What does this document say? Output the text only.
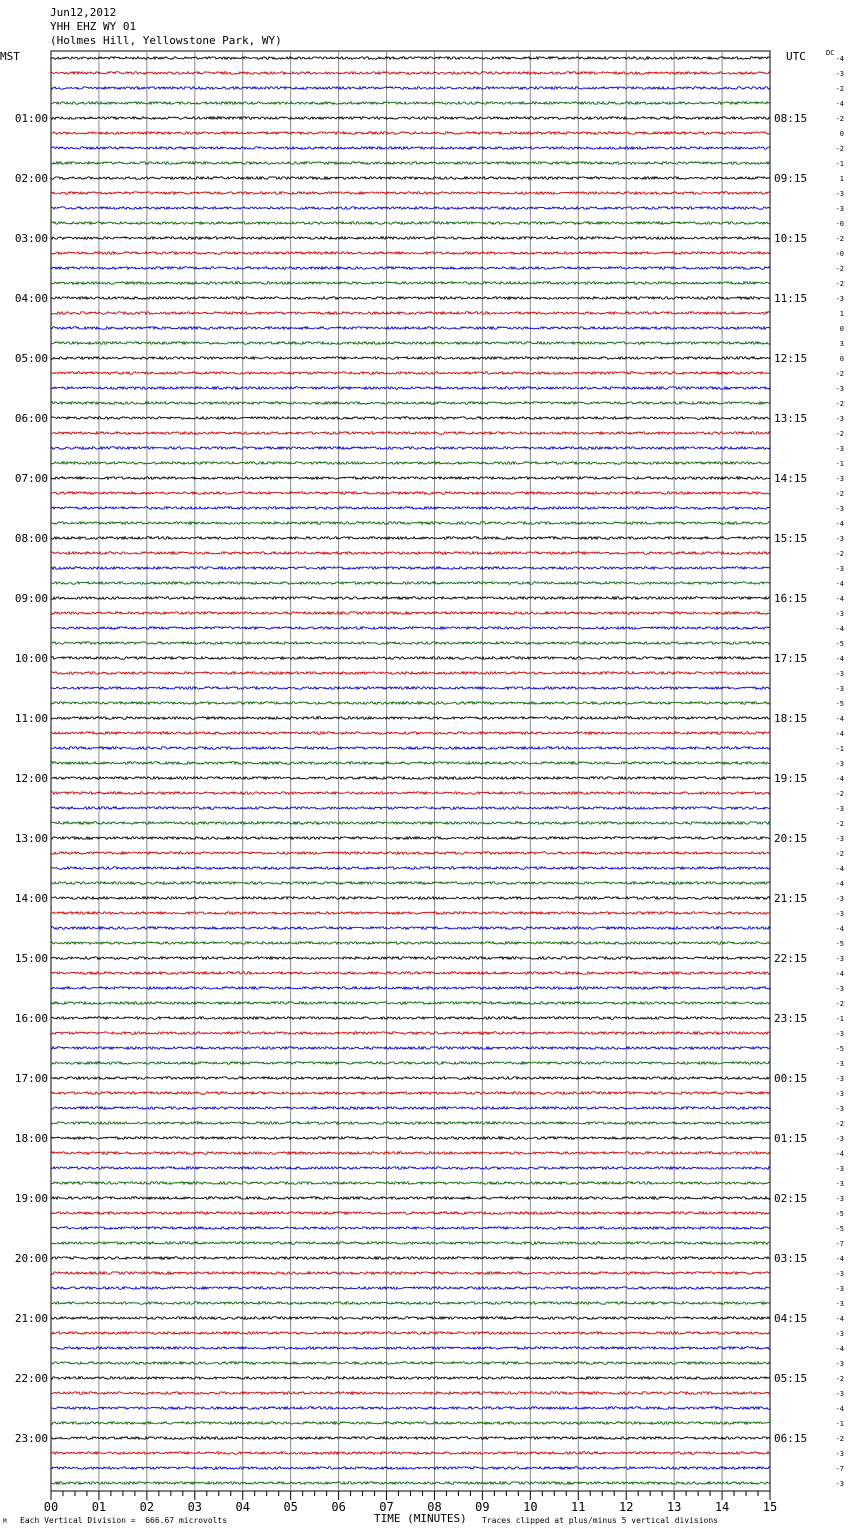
Jun12,2012
YHH EHZ WY 01
(Holmes Hill, Yellowstone Park, WY)
MST	UTC	DC
01:00	08:15
02:00	09:15
03:00	10:15
04:00	11:15
05:00	12:15
06:00	13:15
07:00	14:15
08:00	15:15
09:00	16:15
10:00	17:15
11:00	18:15
12:00	19:15
13:00	20:15
14:00	21:15
15:00	22:15
16:00	23:15
17:00	00:15
18:00	01:15
19:00	02:15
20:00	03:15
21:00	04:15
22:00	05:15
23:00	06:15
-4
-3
-2
-4
-2
0
-2
-1
1
-3
-3
-0
-2
-0
-2
-2
-3
1
0
3
0
-2
-3
-2
-3
-2
-3
-1
-3
-2
-3
-4
-3
-2
-3
-4
-4
-3
-4
-5
-4
-3
-3
-5
-4
-4
-1
-3
-4
-2
-3
-2
-3
-2
-4
-4
-3
-3
-4
-5
-3
-4
-3
-2
-1
-3
-5
-3
-3
-3
-3
-2
-3
-4
-3
-3
-3
-5
-5
-7
-4
-3
-3
-3
-4
-3
-4
-3
-2
-3
-4
-1
-2
-3
-7
-3
00	01	02	03	04	05	06	07	08	09	10	11	12	13	14	15
TIME (MINUTES)
Each Vertical Division =  666.67 microvolts	Traces clipped at plus/minus 5 vertical divisions
M
